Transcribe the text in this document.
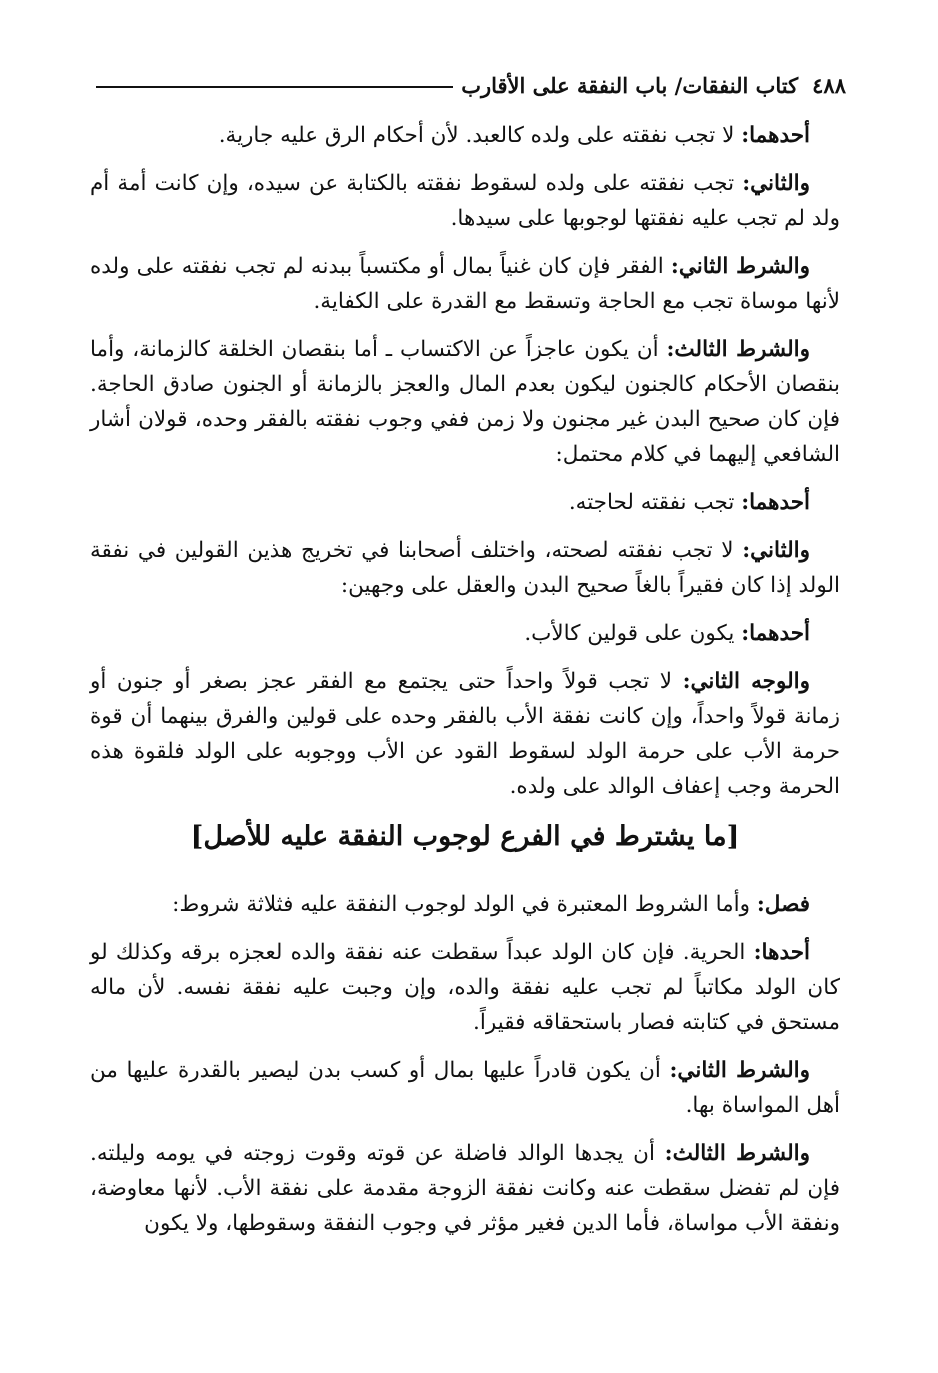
٤٨٨
كتاب النفقات/ باب النفقة على الأقارب

أحدهما: لا تجب نفقته على ولده كالعبد. لأن أحكام الرق عليه جارية.

والثاني: تجب نفقته على ولده لسقوط نفقته بالكتابة عن سيده، وإن كانت أمة أم ولد لم تجب عليه نفقتها لوجوبها على سيدها.

والشرط الثاني: الفقر فإن كان غنياً بمال أو مكتسباً ببدنه لم تجب نفقته على ولده لأنها موساة تجب مع الحاجة وتسقط مع القدرة على الكفاية.

والشرط الثالث: أن يكون عاجزاً عن الاكتساب ـ أما بنقصان الخلقة كالزمانة، وأما بنقصان الأحكام كالجنون ليكون بعدم المال والعجز بالزمانة أو الجنون صادق الحاجة. فإن كان صحيح البدن غير مجنون ولا زمن ففي وجوب نفقته بالفقر وحده، قولان أشار الشافعي إليهما في كلام محتمل:

أحدهما: تجب نفقته لحاجته.

والثاني: لا تجب نفقته لصحته، واختلف أصحابنا في تخريج هذين القولين في نفقة الولد إذا كان فقيراً بالغاً صحيح البدن والعقل على وجهين:

أحدهما: يكون على قولين كالأب.

والوجه الثاني: لا تجب قولاً واحداً حتى يجتمع مع الفقر عجز بصغر أو جنون أو زمانة قولاً واحداً، وإن كانت نفقة الأب بالفقر وحده على قولين والفرق بينهما أن قوة حرمة الأب على حرمة الولد لسقوط القود عن الأب ووجوبه على الولد فلقوة هذه الحرمة وجب إعفاف الوالد على ولده.

[ما يشترط في الفرع لوجوب النفقة عليه للأصل]

فصل: وأما الشروط المعتبرة في الولد لوجوب النفقة عليه فثلاثة شروط:

أحدها: الحرية. فإن كان الولد عبداً سقطت عنه نفقة والده لعجزه برقه وكذلك لو كان الولد مكاتباً لم تجب عليه نفقة والده، وإن وجبت عليه نفقة نفسه. لأن ماله مستحق في كتابته فصار باستحقاقه فقيراً.

والشرط الثاني: أن يكون قادراً عليها بمال أو كسب بدن ليصير بالقدرة عليها من أهل المواساة بها.

والشرط الثالث: أن يجدها الوالد فاضلة عن قوته وقوت زوجته في يومه وليلته. فإن لم تفضل سقطت عنه وكانت نفقة الزوجة مقدمة على نفقة الأب. لأنها معاوضة، ونفقة الأب مواساة، فأما الدين فغير مؤثر في وجوب النفقة وسقوطها، ولا يكون
